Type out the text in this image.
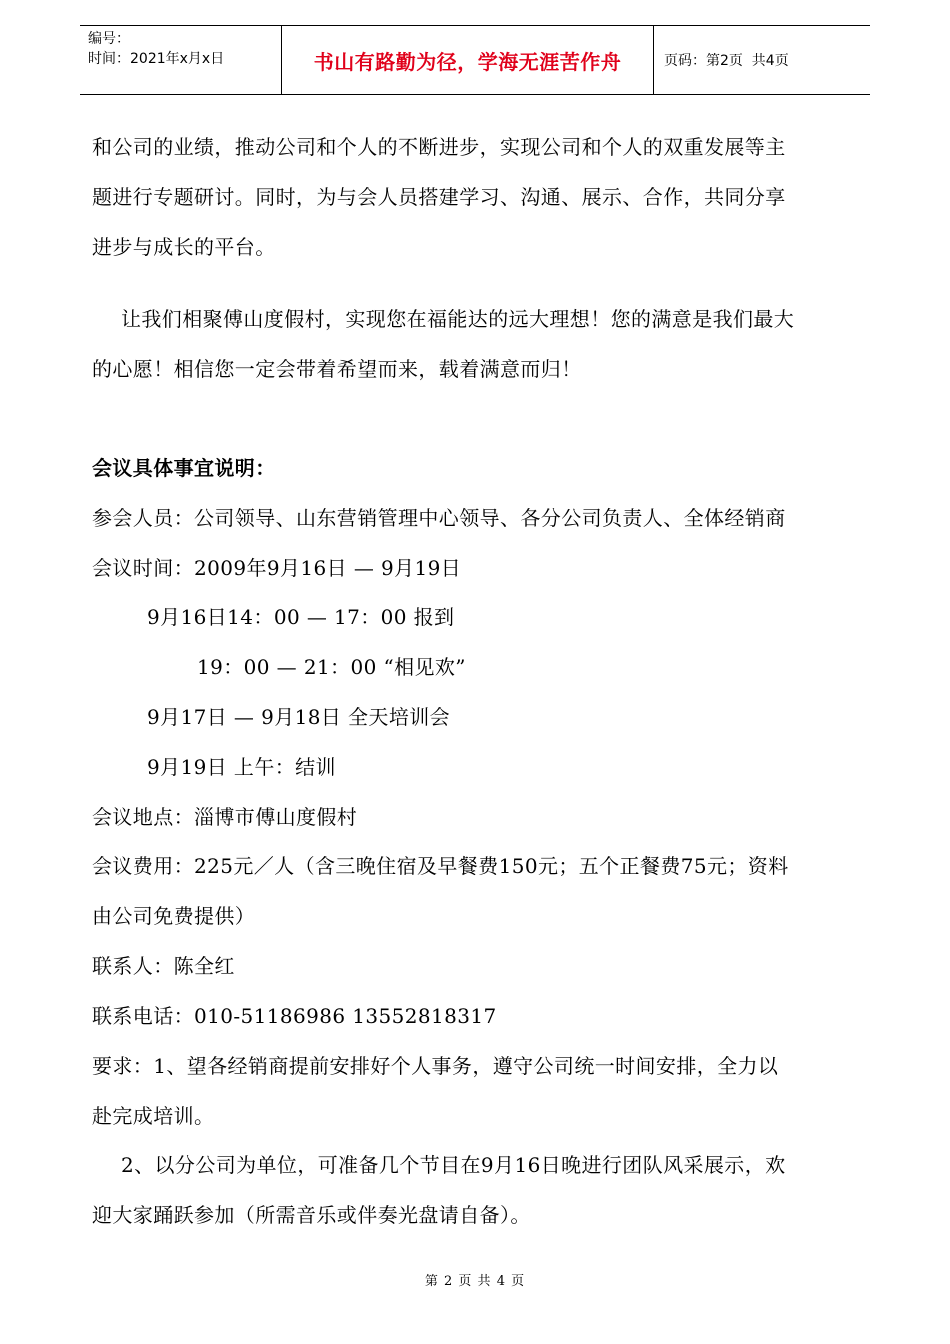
编号：
时间：2021年x月x日	书山有路勤为径，学海无涯苦作舟	页码：第2页  共4页
和公司的业绩，推动公司和个人的不断进步，实现公司和个人的双重发展等主
题进行专题研讨。同时，为与会人员搭建学习、沟通、展示、合作，共同分享
进步与成长的平台。
让我们相聚傅山度假村，实现您在福能达的远大理想！您的满意是我们最大
的心愿！相信您一定会带着希望而来，载着满意而归！
会议具体事宜说明：
参会人员：公司领导、山东营销管理中心领导、各分公司负责人、全体经销商
会议时间：2009年9月16日 — 9月19日
9月16日14：00 — 17：00 报到
19：00 — 21：00 “相见欢”
9月17日 — 9月18日 全天培训会
9月19日 上午：结训
会议地点：淄博市傅山度假村
会议费用：225元／人（含三晚住宿及早餐费150元；五个正餐费75元；资料
由公司免费提供）
联系人：陈全红
联系电话：010-51186986 13552818317
要求：1、望各经销商提前安排好个人事务，遵守公司统一时间安排，全力以
赴完成培训。
2、以分公司为单位，可准备几个节目在9月16日晚进行团队风采展示，欢
迎大家踊跃参加（所需音乐或伴奏光盘请自备）。
第 2 页 共 4 页
